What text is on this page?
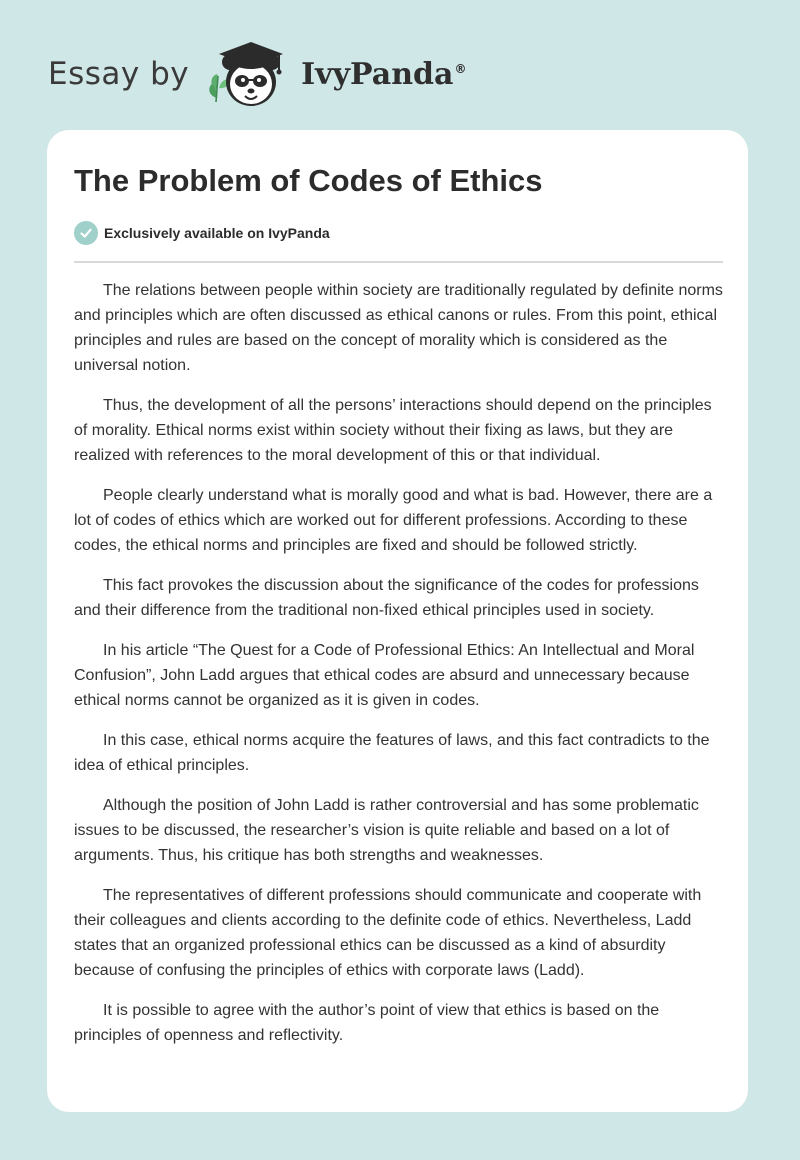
Essay by	IvyPanda®
The Problem of Codes of Ethics
Exclusively available on IvyPanda

The relations between people within society are traditionally regulated by definite norms and principles which are often discussed as ethical canons or rules. From this point, ethical principles and rules are based on the concept of morality which is considered as the universal notion.

Thus, the development of all the persons’ interactions should depend on the principles of morality. Ethical norms exist within society without their fixing as laws, but they are realized with references to the moral development of this or that individual.

People clearly understand what is morally good and what is bad. However, there are a lot of codes of ethics which are worked out for different professions. According to these codes, the ethical norms and principles are fixed and should be followed strictly.

This fact provokes the discussion about the significance of the codes for professions and their difference from the traditional non-fixed ethical principles used in society.

In his article “The Quest for a Code of Professional Ethics: An Intellectual and Moral Confusion”, John Ladd argues that ethical codes are absurd and unnecessary because ethical norms cannot be organized as it is given in codes.

In this case, ethical norms acquire the features of laws, and this fact contradicts to the idea of ethical principles.

Although the position of John Ladd is rather controversial and has some problematic issues to be discussed, the researcher’s vision is quite reliable and based on a lot of arguments. Thus, his critique has both strengths and weaknesses.

The representatives of different professions should communicate and cooperate with their colleagues and clients according to the definite code of ethics. Nevertheless, Ladd states that an organized professional ethics can be discussed as a kind of absurdity because of confusing the principles of ethics with corporate laws (Ladd).

It is possible to agree with the author’s point of view that ethics is based on the principles of openness and reflectivity.
